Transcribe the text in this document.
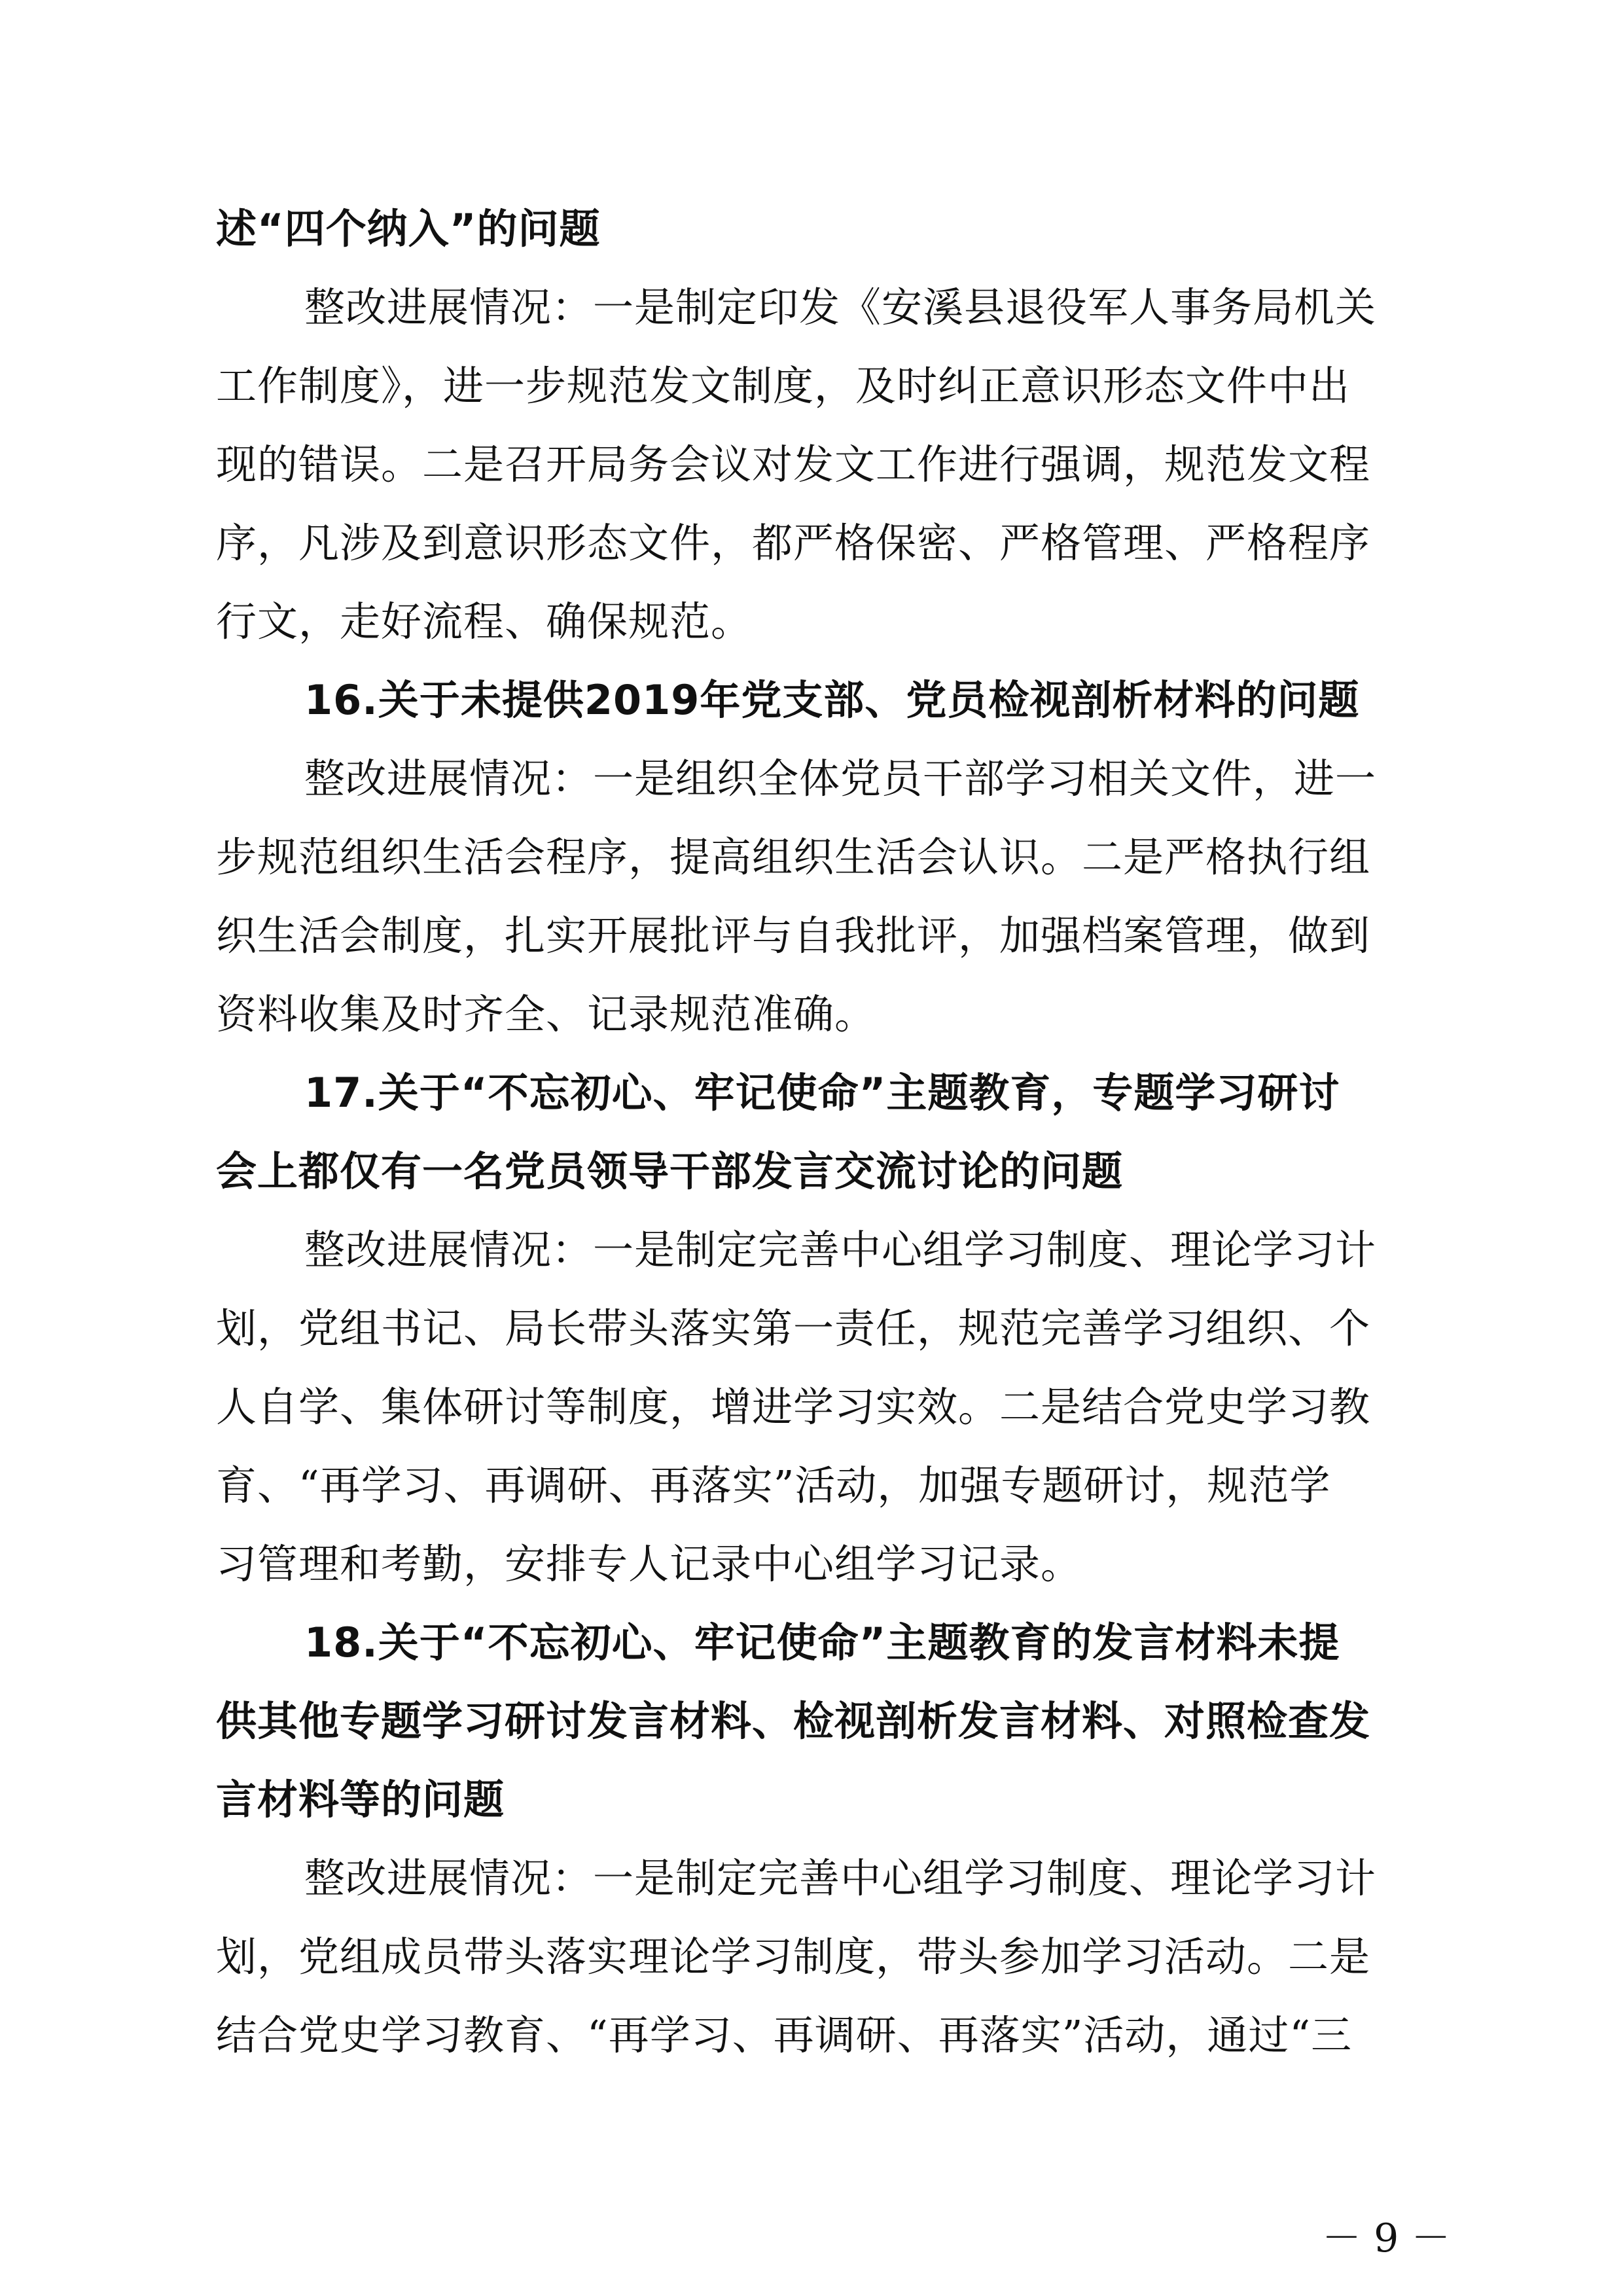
述“四个纳入”的问题
整改进展情况：一是制定印发《安溪县退役军人事务局机关
工作制度》，进一步规范发文制度，及时纠正意识形态文件中出
现的错误。二是召开局务会议对发文工作进行强调，规范发文程
序，凡涉及到意识形态文件，都严格保密、严格管理、严格程序
行文，走好流程、确保规范。
16.关于未提供2019年党支部、党员检视剖析材料的问题
整改进展情况：一是组织全体党员干部学习相关文件，进一
步规范组织生活会程序，提高组织生活会认识。二是严格执行组
织生活会制度，扎实开展批评与自我批评，加强档案管理，做到
资料收集及时齐全、记录规范准确。
17.关于“不忘初心、牢记使命”主题教育，专题学习研讨
会上都仅有一名党员领导干部发言交流讨论的问题
整改进展情况：一是制定完善中心组学习制度、理论学习计
划，党组书记、局长带头落实第一责任，规范完善学习组织、个
人自学、集体研讨等制度，增进学习实效。二是结合党史学习教
育、“再学习、再调研、再落实”活动，加强专题研讨，规范学
习管理和考勤，安排专人记录中心组学习记录。
18.关于“不忘初心、牢记使命”主题教育的发言材料未提
供其他专题学习研讨发言材料、检视剖析发言材料、对照检查发
言材料等的问题
整改进展情况：一是制定完善中心组学习制度、理论学习计
划，党组成员带头落实理论学习制度，带头参加学习活动。二是
结合党史学习教育、“再学习、再调研、再落实”活动，通过“三
－ 9 －
